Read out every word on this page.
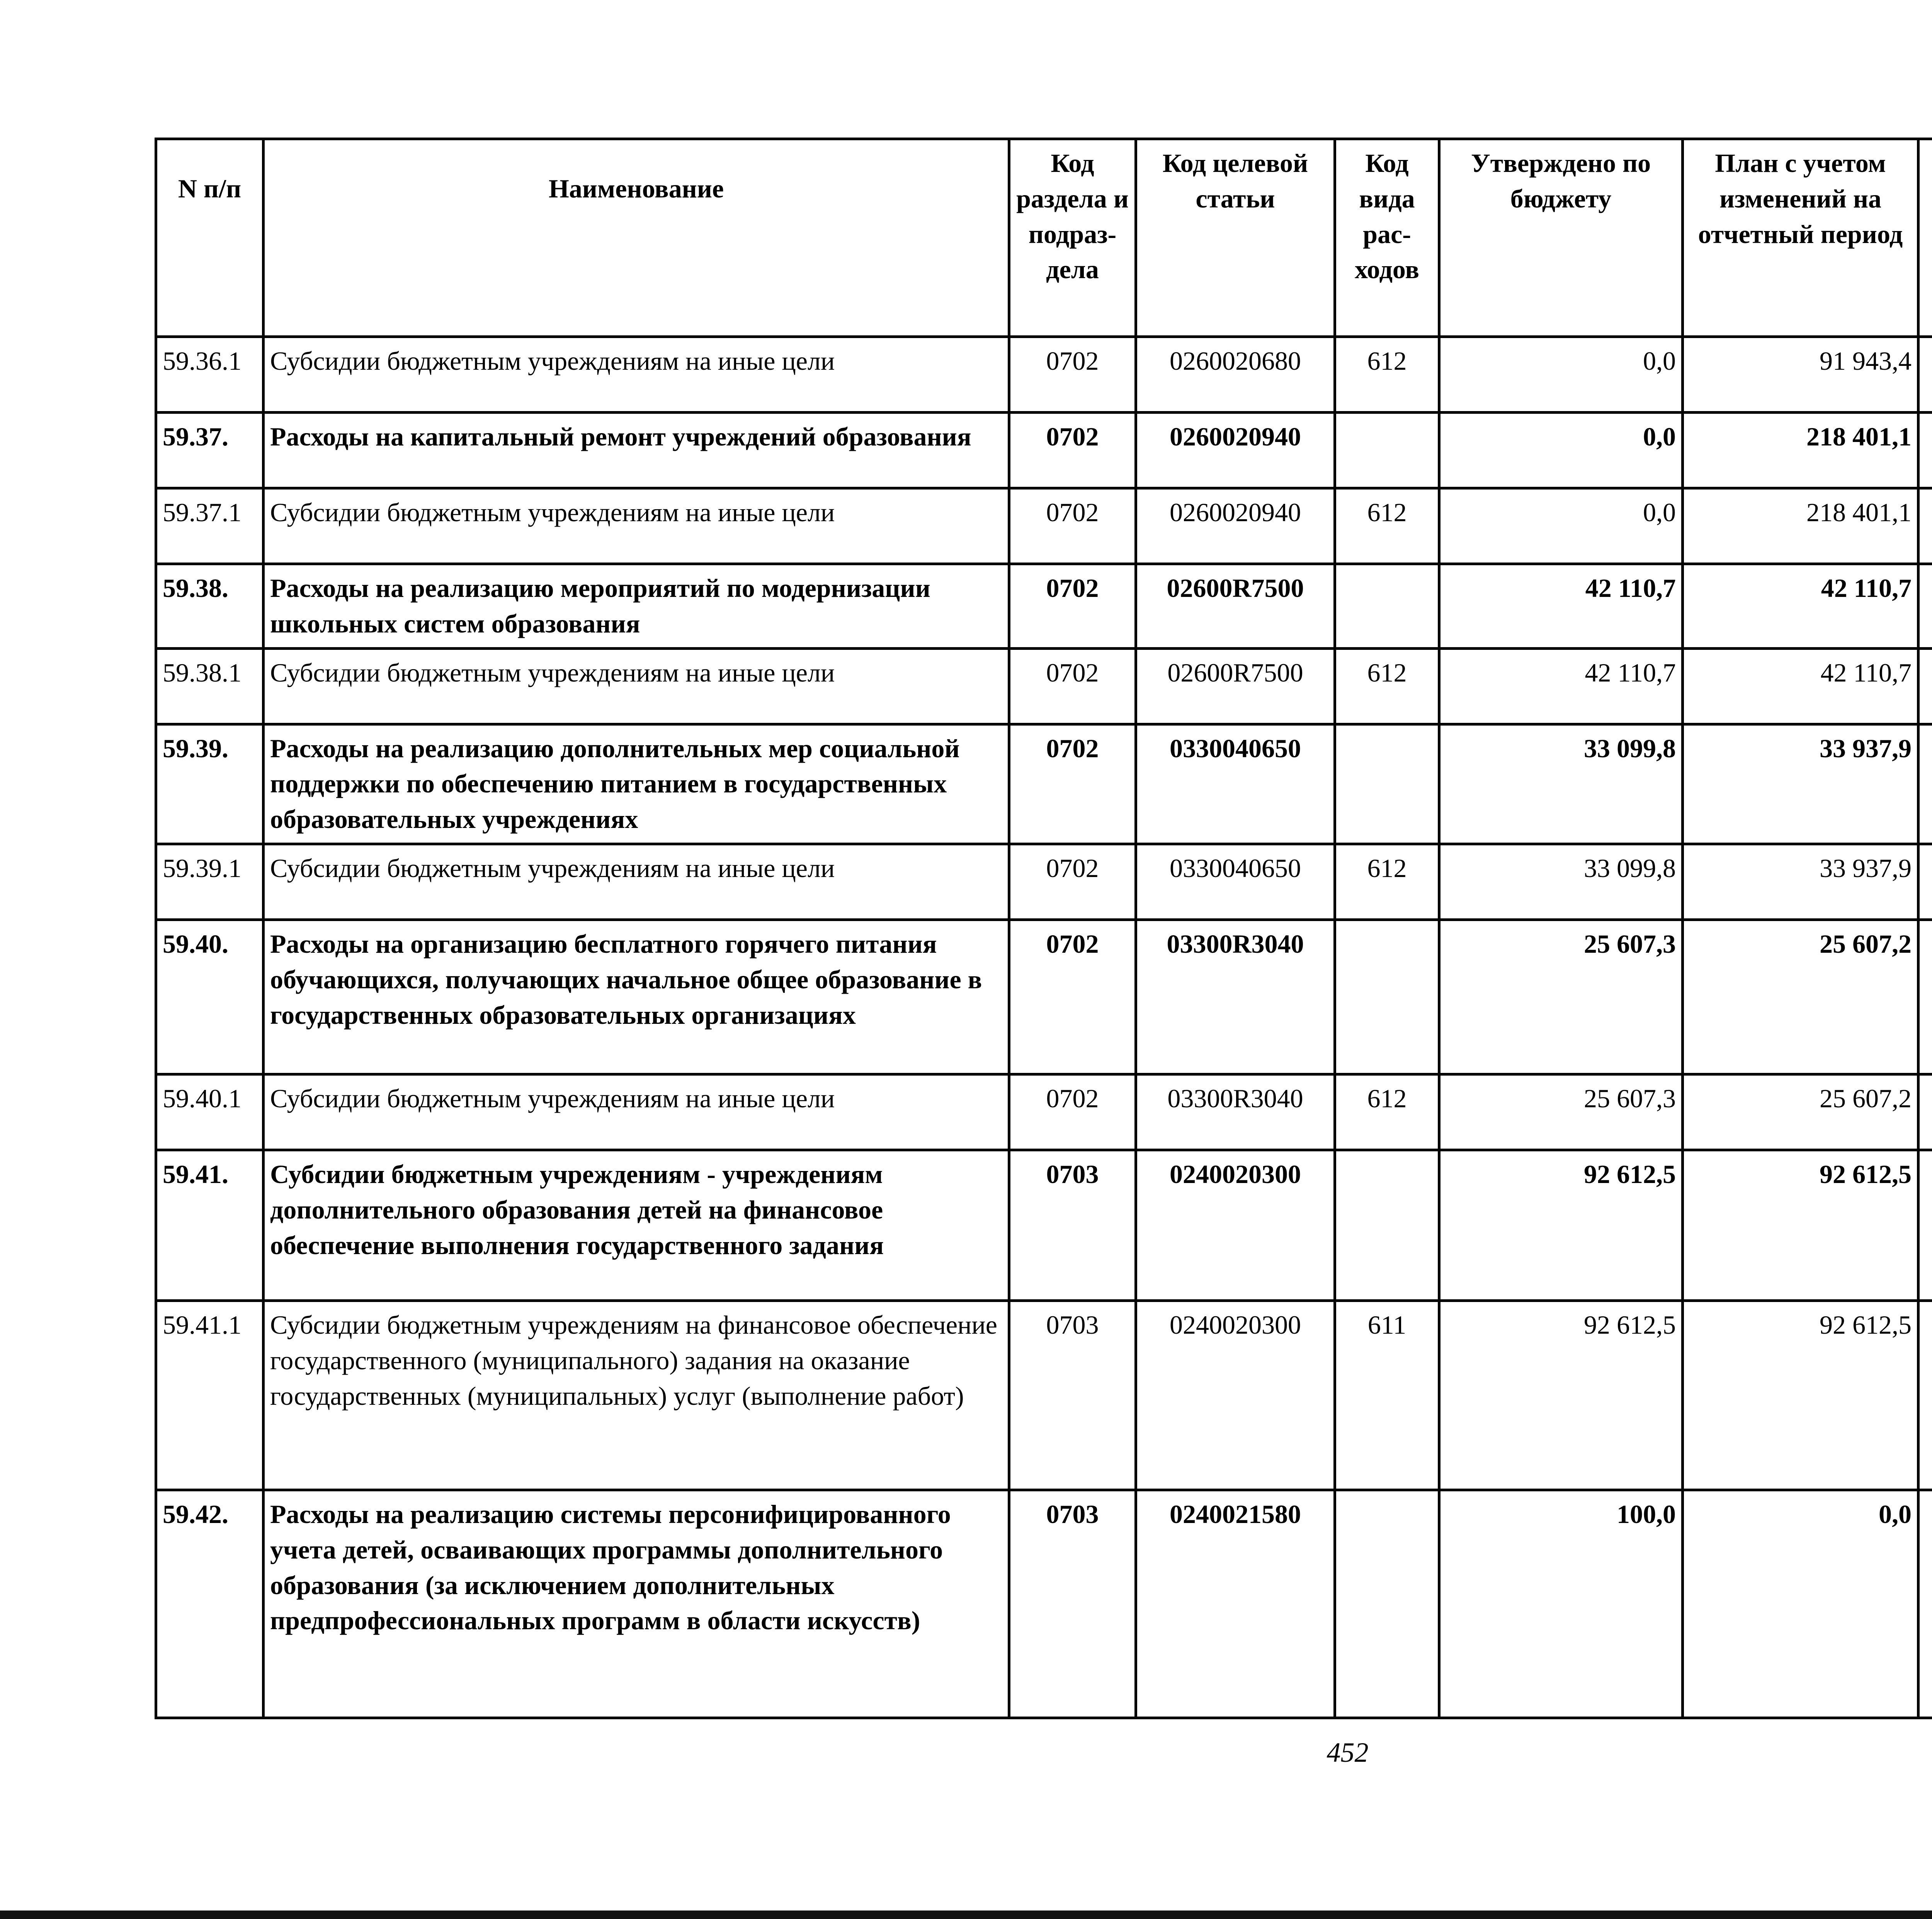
N п/п	Наименование	Код раздела и подраз-дела	Код целевой статьи	Код вида рас-ходов	Утверждено по бюджету	План с учетом изменений на отчетный период		

59.36.1	Субсидии бюджетным учреждениям на иные цели	0702	0260020680	612	0,0	91 943,4			
59.37.	Расходы на капитальный ремонт учреждений образования	0702	0260020940		0,0	218 401,1			
59.37.1	Субсидии бюджетным учреждениям на иные цели	0702	0260020940	612	0,0	218 401,1			
59.38.	Расходы на реализацию мероприятий по модернизации школьных систем образования	0702	02600R7500		42 110,7	42 110,7			
59.38.1	Субсидии бюджетным учреждениям на иные цели	0702	02600R7500	612	42 110,7	42 110,7			
59.39.	Расходы на реализацию дополнительных мер социальной поддержки по обеспечению питанием в государственных образовательных учреждениях	0702	0330040650		33 099,8	33 937,9			
59.39.1	Субсидии бюджетным учреждениям на иные цели	0702	0330040650	612	33 099,8	33 937,9			
59.40.	Расходы на организацию бесплатного горячего питания обучающихся, получающих начальное общее образование в государственных образовательных организациях	0702	03300R3040		25 607,3	25 607,2			
59.40.1	Субсидии бюджетным учреждениям на иные цели	0702	03300R3040	612	25 607,3	25 607,2			
59.41.	Субсидии бюджетным учреждениям - учреждениям дополнительного образования детей на финансовое обеспечение выполнения государственного задания	0703	0240020300		92 612,5	92 612,5			
59.41.1	Субсидии бюджетным учреждениям на финансовое обеспечение государственного (муниципального) задания на оказание государственных (муниципальных) услуг (выполнение работ)	0703	0240020300	611	92 612,5	92 612,5			
59.42.	Расходы на реализацию системы персонифицированного учета детей, осваивающих программы дополнительного образования (за исключением дополнительных предпрофессиональных программ в области искусств)	0703	0240021580		100,0	0,0			
452
